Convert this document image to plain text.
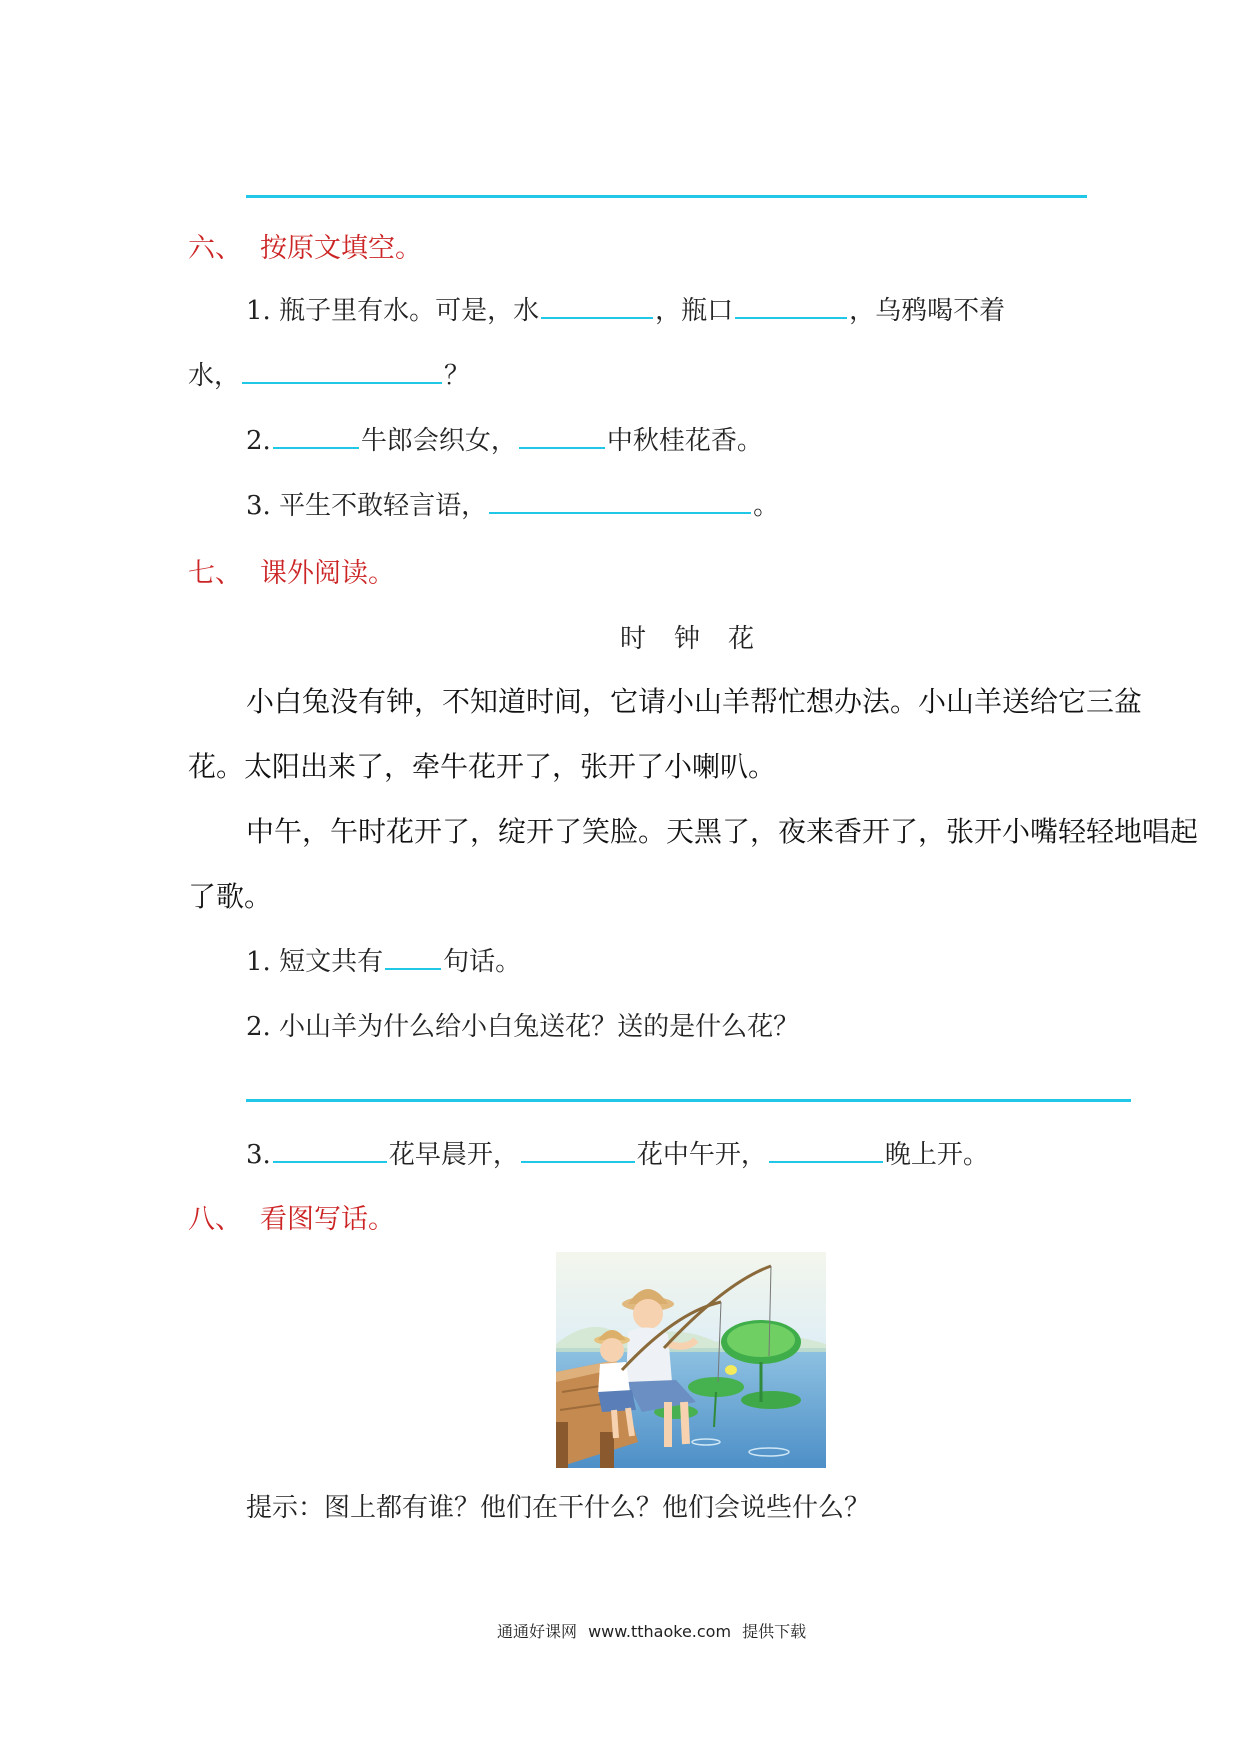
六、 按原文填空。
1. 瓶子里有水。可是，水	，瓶口	，乌鸦喝不着
水，	？
2.	牛郎会织女，	中秋桂花香。
3. 平生不敢轻言语，	。
七、 课外阅读。
时钟花
小白兔没有钟，不知道时间，它请小山羊帮忙想办法。小山羊送给它三盆
花。太阳出来了，牵牛花开了，张开了小喇叭。
中午，午时花开了，绽开了笑脸。天黑了，夜来香开了，张开小嘴轻轻地唱起
了歌。
1. 短文共有 句话。
2. 小山羊为什么给小白兔送花？送的是什么花？
3.	花早晨开，	花中午开，	晚上开。
八、 看图写话。
提示：图上都有谁？他们在干什么？他们会说些什么？
通通好课网 www.tthaoke.com 提供下载
